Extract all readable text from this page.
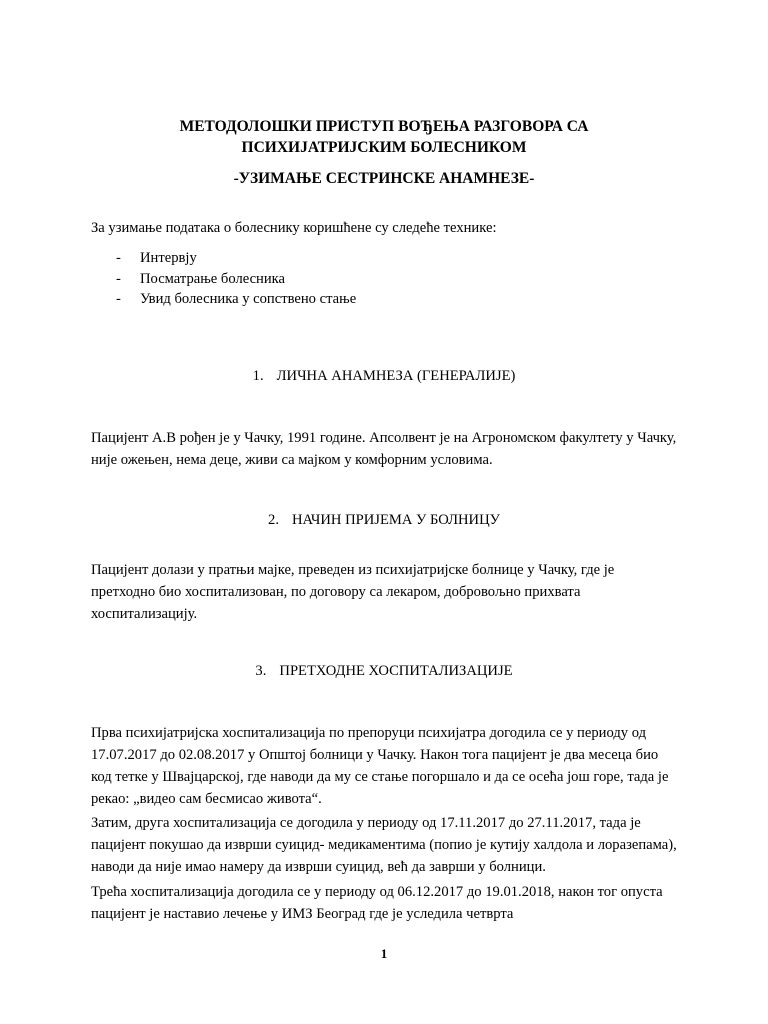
МЕТОДОЛОШКИ ПРИСТУП ВОЂЕЊА РАЗГОВОРА СА
ПСИХИЈАТРИЈСКИМ БОЛЕСНИКОМ
-УЗИМАЊЕ СЕСТРИНСКЕ АНАМНЕЗЕ-
За узимање података о болеснику коришћене су следеће технике:
- Интервју
- Посматрање болесника
- Увид болесника у сопствено стање
1. ЛИЧНА АНАМНЕЗА (ГЕНЕРАЛИЈЕ)
Пацијент А.В рођен је у Чачку, 1991 године. Апсолвент је на Агрономском факултету у Чачку, није ожењен, нема деце, живи са мајком у комфорним условима.
2. НАЧИН ПРИЈЕМА У БОЛНИЦУ
Пацијент долази у пратњи мајке, преведен из психијатријске болнице у Чачку, где је претходно био хоспитализован, по договору са лекаром, добровољно прихвата хоспитализацију.
3. ПРЕТХОДНЕ ХОСПИТАЛИЗАЦИЈЕ
Прва психијатријска хоспитализација по препоруци психијатра догодила се у периоду од 17.07.2017 до 02.08.2017 у Општој болници у Чачку. Након тога пацијент је два месеца био код тетке у Швајцарској, где наводи да му се стање погоршало и да се осећа још горе, тада је рекао: „видео сам бесмисао живота“.
Затим, друга хоспитализација се догодила у периоду од 17.11.2017 до 27.11.2017, тада је пацијент покушао да изврши суицид- медикаментима (попио је кутију халдола и лоразепама), наводи да није имао намеру да изврши суицид, већ да заврши у болници.
Трећа хоспитализација догодила се у периоду од 06.12.2017 до 19.01.2018, након тог опуста пацијент је наставио лечење у ИМЗ Београд где је уследила четврта
1
